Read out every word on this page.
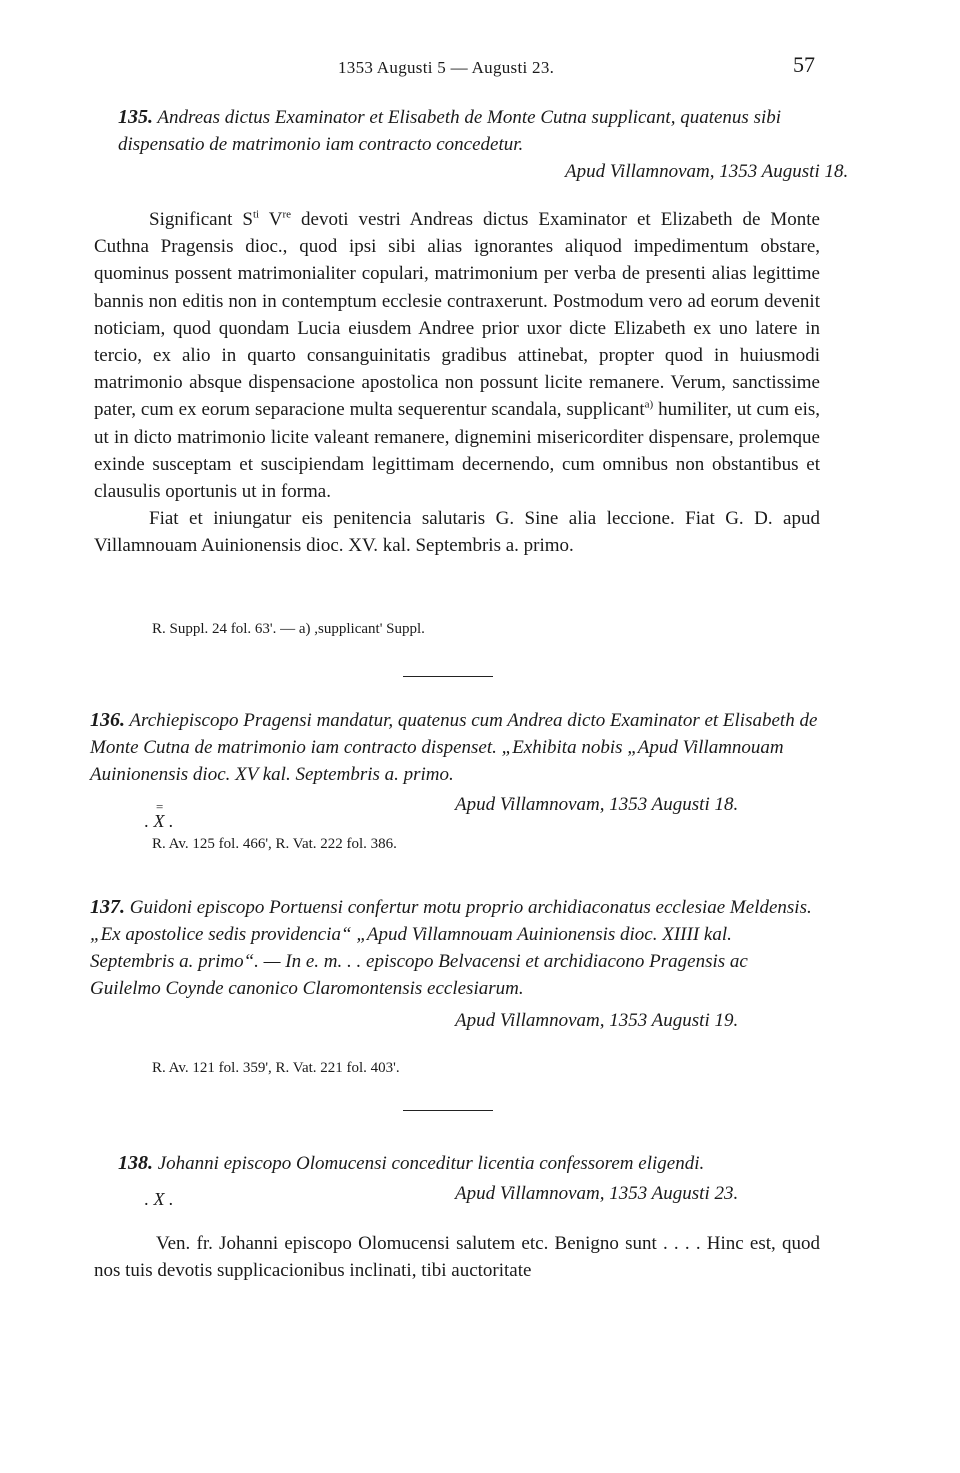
1353 Augusti 5 — Augusti 23.	57
135. Andreas dictus Examinator et Elisabeth de Monte Cutna supplicant, quatenus sibi dispensatio de matrimonio iam contracto concedetur.
Apud Villamnovam, 1353 Augusti 18.

Significant $S^{ti}$ Vre devoti vestri Andreas dictus Examinator et Elizabeth de Monte Cuthna Pragensis dioc., quod ipsi sibi alias ignorantes aliquod impedimentum obstare, quominus possent matrimonialiter copulari, matrimonium per verba de presenti alias legittime bannis non editis non in contemptum ecclesie contraxerunt. Postmodum vero ad eorum devenit noticiam, quod quondam Lucia eiusdem Andree prior uxor dicte Elizabeth ex uno latere in tercio, ex alio in quarto consanguinitatis gradibus attinebat, propter quod in huiusmodi matrimonio absque dispensacione apostolica non possunt licite remanere. Verum, sanctissime pater, cum ex eorum separacione multa sequerentur scandala, supplicant$^{a)}$ humiliter, ut cum eis, ut in dicto matrimonio licite valeant remanere, dignemini misericorditer dispensare, prolemque exinde susceptam et suscipiendam legittimam decernendo, cum omnibus non obstantibus et clausulis oportunis ut in forma.

Fiat et iniungatur eis penitencia salutaris G. Sine alia leccione. Fiat G. D. apud Villamnouam Auinionensis dioc. XV. kal. Septembris a. primo.

R. Suppl. 24 fol. 63'. — a) ,supplicant' Suppl.
136. Archiepiscopo Pragensi mandatur, quatenus cum Andrea dicto Examinator et Elisabeth de Monte Cutna de matrimonio iam contracto dispenset. „Exhibita nobis „Apud Villamnouam Auinionensis dioc. XV kal. Septembris a. primo.
=
. X .
Apud Villamnovam, 1353 Augusti 18.
R. Av. 125 fol. 466', R. Vat. 222 fol. 386.
137. Guidoni episcopo Portuensi confertur motu proprio archidiaconatus ecclesiae Meldensis. „Ex apostolice sedis providencia“ „Apud Villamnouam Auinionensis dioc. XIIII kal. Septembris a. primo“. — In e. m. . . episcopo Belvacensi et archidiacono Pragensis ac Guilelmo Coynde canonico Claromontensis ecclesiarum.
Apud Villamnovam, 1353 Augusti 19.
R. Av. 121 fol. 359', R. Vat. 221 fol. 403'.
138. Johanni episcopo Olomucensi conceditur licentia confessorem eligendi.
. X .	Apud Villamnovam, 1353 Augusti 23.

Ven. fr. Johanni episcopo Olomucensi salutem etc. Benigno sunt . . . . Hinc est, quod nos tuis devotis supplicacionibus inclinati, tibi auctoritate
